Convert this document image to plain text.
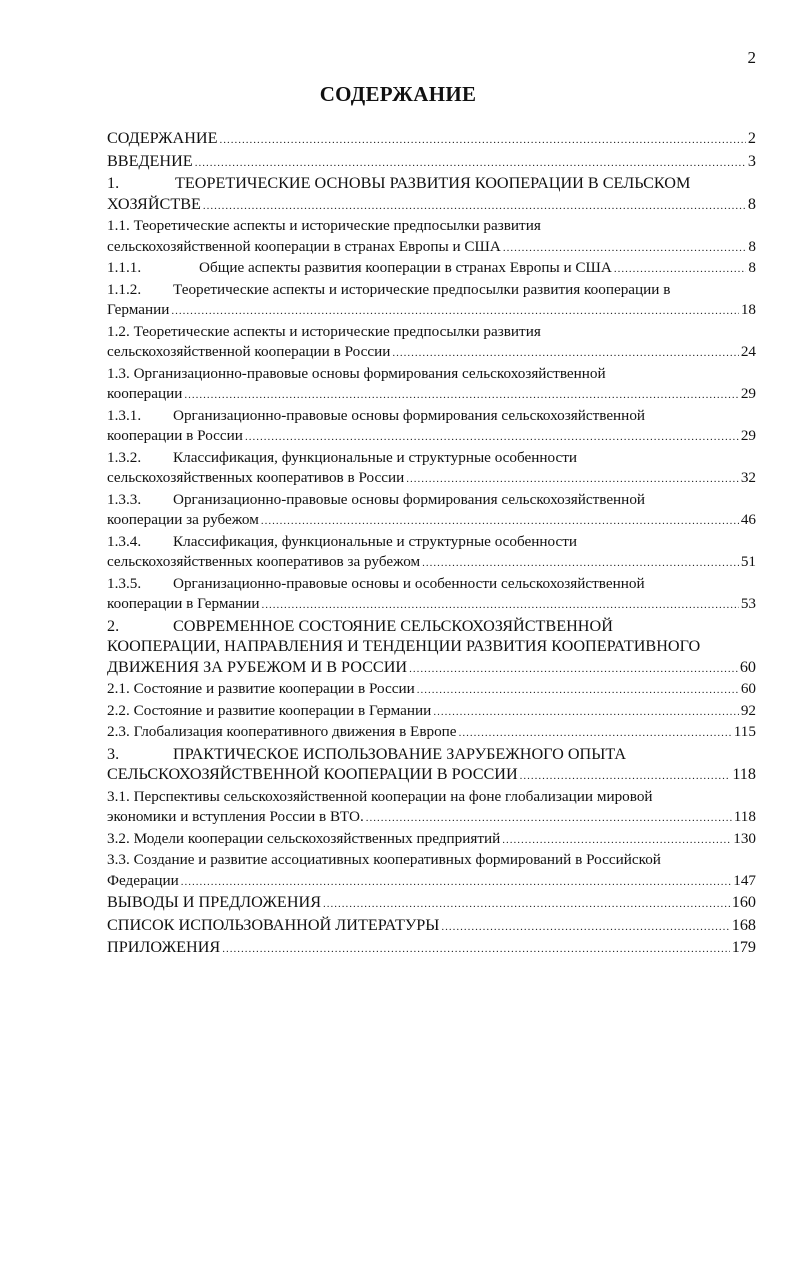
2
СОДЕРЖАНИЕ
СОДЕРЖАНИЕ .....	2
ВВЕДЕНИЕ .....	3
1.	ТЕОРЕТИЧЕСКИЕ ОСНОВЫ РАЗВИТИЯ КООПЕРАЦИИ В СЕЛЬСКОМ
ХОЗЯЙСТВЕ .....	8
1.1. Теоретические аспекты и исторические предпосылки развития
сельскохозяйственной кооперации в странах Европы и США .....	8
1.1.1.	Общие аспекты развития кооперации в странах Европы и США .....	8
1.1.2. Теоретические аспекты и исторические предпосылки развития кооперации в
Германии .....	18
1.2. Теоретические аспекты и исторические предпосылки развития
сельскохозяйственной кооперации в России .....	24
1.3. Организационно-правовые основы формирования сельскохозяйственной
кооперации .....	29
1.3.1. Организационно-правовые основы формирования сельскохозяйственной
кооперации в России .....	29
1.3.2. Классификация, функциональные и структурные особенности
сельскохозяйственных кооперативов в России .....	32
1.3.3. Организационно-правовые основы формирования сельскохозяйственной
кооперации за рубежом .....	46
1.3.4. Классификация, функциональные и структурные особенности
сельскохозяйственных кооперативов за рубежом .....	51
1.3.5. Организационно-правовые основы и особенности сельскохозяйственной
кооперации в Германии .....	53
2.	СОВРЕМЕННОЕ СОСТОЯНИЕ СЕЛЬСКОХОЗЯЙСТВЕННОЙ
КООПЕРАЦИИ, НАПРАВЛЕНИЯ И ТЕНДЕНЦИИ РАЗВИТИЯ КООПЕРАТИВНОГО
ДВИЖЕНИЯ ЗА РУБЕЖОМ И В РОССИИ .....	60
2.1. Состояние и развитие кооперации в России .....	60
2.2. Состояние и развитие кооперации в Германии .....	92
2.3. Глобализация кооперативного движения в Европе .....	115
3.	ПРАКТИЧЕСКОЕ ИСПОЛЬЗОВАНИЕ ЗАРУБЕЖНОГО ОПЫТА
СЕЛЬСКОХОЗЯЙСТВЕННОЙ КООПЕРАЦИИ В РОССИИ .....	118
3.1. Перспективы сельскохозяйственной кооперации на фоне глобализации мировой
экономики и вступления России в ВТО. .....	118
3.2. Модели кооперации сельскохозяйственных предприятий .....	130
3.3. Создание и развитие ассоциативных кооперативных формирований в Российской
Федерации .....	147
ВЫВОДЫ И ПРЕДЛОЖЕНИЯ .....	160
СПИСОК ИСПОЛЬЗОВАННОЙ ЛИТЕРАТУРЫ .....	168
ПРИЛОЖЕНИЯ .....	179
